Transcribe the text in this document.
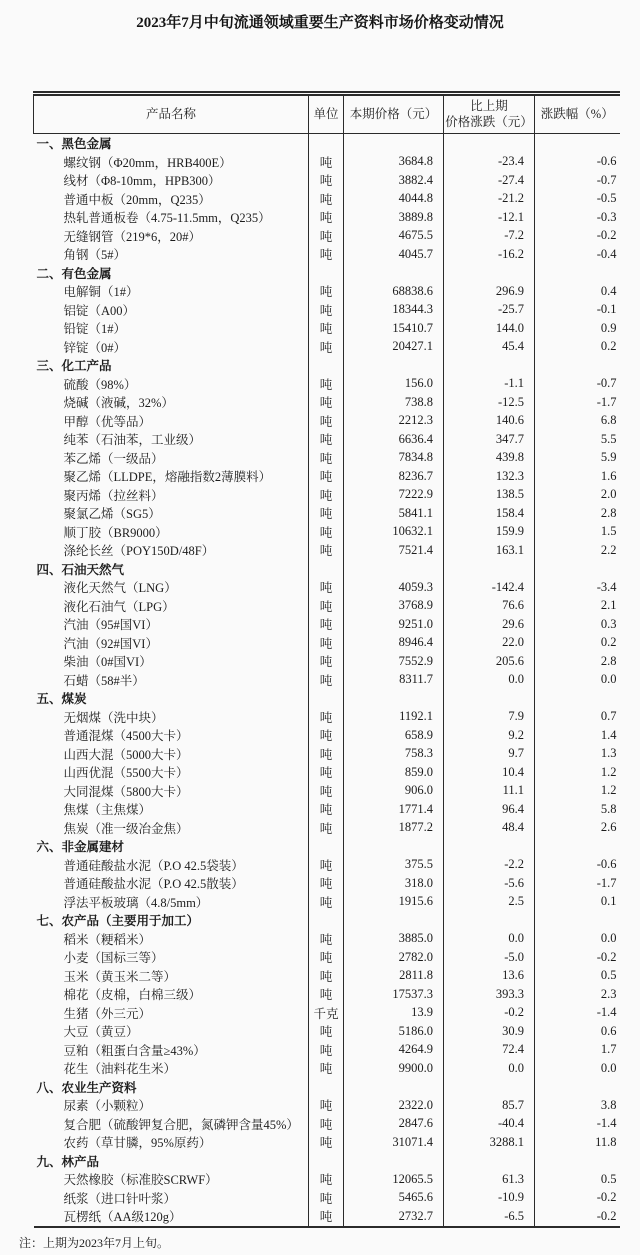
2023年7月中旬流通领域重要生产资料市场价格变动情况
产品名称	单位	本期价格（元）	比上期
价格涨跌（元）	涨跌幅（%）
一、黑色金属				
螺纹钢（Φ20mm，HRB400E）	吨	3684.8	-23.4	-0.6
线材（Φ8-10mm，HPB300）	吨	3882.4	-27.4	-0.7
普通中板（20mm，Q235）	吨	4044.8	-21.2	-0.5
热轧普通板卷（4.75-11.5mm，Q235）	吨	3889.8	-12.1	-0.3
无缝钢管（219*6，20#）	吨	4675.5	-7.2	-0.2
角钢（5#）	吨	4045.7	-16.2	-0.4
二、有色金属				
电解铜（1#）	吨	68838.6	296.9	0.4
铝锭（A00）	吨	18344.3	-25.7	-0.1
铅锭（1#）	吨	15410.7	144.0	0.9
锌锭（0#）	吨	20427.1	45.4	0.2
三、化工产品				
硫酸（98%）	吨	156.0	-1.1	-0.7
烧碱（液碱，32%）	吨	738.8	-12.5	-1.7
甲醇（优等品）	吨	2212.3	140.6	6.8
纯苯（石油苯，工业级）	吨	6636.4	347.7	5.5
苯乙烯（一级品）	吨	7834.8	439.8	5.9
聚乙烯（LLDPE，熔融指数2薄膜料）	吨	8236.7	132.3	1.6
聚丙烯（拉丝料）	吨	7222.9	138.5	2.0
聚氯乙烯（SG5）	吨	5841.1	158.4	2.8
顺丁胶（BR9000）	吨	10632.1	159.9	1.5
涤纶长丝（POY150D/48F）	吨	7521.4	163.1	2.2
四、石油天然气				
液化天然气（LNG）	吨	4059.3	-142.4	-3.4
液化石油气（LPG）	吨	3768.9	76.6	2.1
汽油（95#国VI）	吨	9251.0	29.6	0.3
汽油（92#国VI）	吨	8946.4	22.0	0.2
柴油（0#国VI）	吨	7552.9	205.6	2.8
石蜡（58#半）	吨	8311.7	0.0	0.0
五、煤炭				
无烟煤（洗中块）	吨	1192.1	7.9	0.7
普通混煤（4500大卡）	吨	658.9	9.2	1.4
山西大混（5000大卡）	吨	758.3	9.7	1.3
山西优混（5500大卡）	吨	859.0	10.4	1.2
大同混煤（5800大卡）	吨	906.0	11.1	1.2
焦煤（主焦煤）	吨	1771.4	96.4	5.8
焦炭（准一级冶金焦）	吨	1877.2	48.4	2.6
六、非金属建材				
普通硅酸盐水泥（P.O 42.5袋装）	吨	375.5	-2.2	-0.6
普通硅酸盐水泥（P.O 42.5散装）	吨	318.0	-5.6	-1.7
浮法平板玻璃（4.8/5mm）	吨	1915.6	2.5	0.1
七、农产品（主要用于加工）				
稻米（粳稻米）	吨	3885.0	0.0	0.0
小麦（国标三等）	吨	2782.0	-5.0	-0.2
玉米（黄玉米二等）	吨	2811.8	13.6	0.5
棉花（皮棉，白棉三级）	吨	17537.3	393.3	2.3
生猪（外三元）	千克	13.9	-0.2	-1.4
大豆（黄豆）	吨	5186.0	30.9	0.6
豆粕（粗蛋白含量≥43%）	吨	4264.9	72.4	1.7
花生（油料花生米）	吨	9900.0	0.0	0.0
八、农业生产资料				
尿素（小颗粒）	吨	2322.0	85.7	3.8
复合肥（硫酸钾复合肥，氮磷钾含量45%）	吨	2847.6	-40.4	-1.4
农药（草甘膦，95%原药）	吨	31071.4	3288.1	11.8
九、林产品				
天然橡胶（标准胶SCRWF）	吨	12065.5	61.3	0.5
纸浆（进口针叶浆）	吨	5465.6	-10.9	-0.2
瓦楞纸（AA级120g）	吨	2732.7	-6.5	-0.2
注：上期为2023年7月上旬。
